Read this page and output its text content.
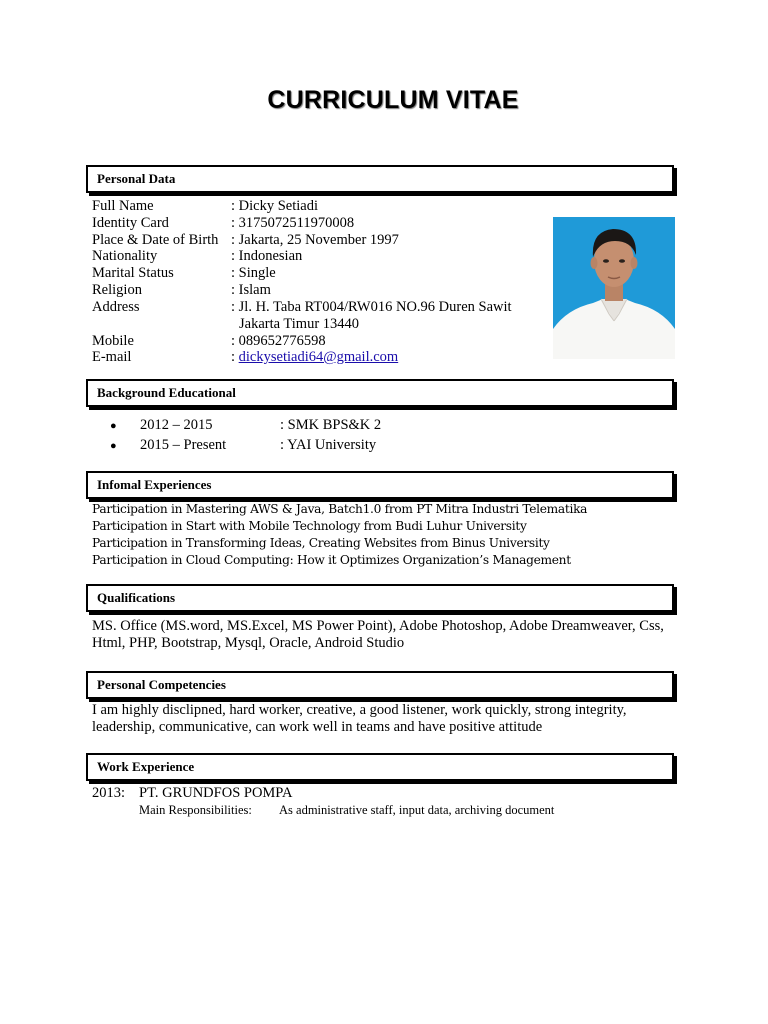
CURRICULUM VITAE
Personal Data
Full Name	: Dicky Setiadi
Identity Card	: 3175072511970008
Place & Date of Birth : Jakarta, 25 November 1997
Nationality	: Indonesian
Marital Status	: Single
Religion	: Islam
Address	: Jl. H. Taba RT004/RW016 NO.96 Duren Sawit
Jakarta Timur 13440
Mobile	: 089652776598
E-mail	: dickysetiadi64@gmail.com
Background Educational
● 2012 – 2015	: SMK BPS&K 2
● 2015 – Present	: YAI University
Infomal Experiences
Participation in Mastering AWS & Java, Batch1.0 from PT Mitra Industri Telematika
Participation in Start with Mobile Technology from Budi Luhur University
Participation in Transforming Ideas, Creating Websites from Binus University
Participation in Cloud Computing: How it Optimizes Organization’s Management
Qualifications
MS. Office (MS.word, MS.Excel, MS Power Point), Adobe Photoshop, Adobe Dreamweaver, Css, Html, PHP, Bootstrap, Mysql, Oracle, Android Studio
Personal Competencies
I am highly disclipned, hard worker, creative, a good listener, work quickly, strong integrity, leadership, communicative, can work well in teams and have positive attitude
Work Experience
2013: PT. GRUNDFOS POMPA
Main Responsibilities: As administrative staff, input data, archiving document
